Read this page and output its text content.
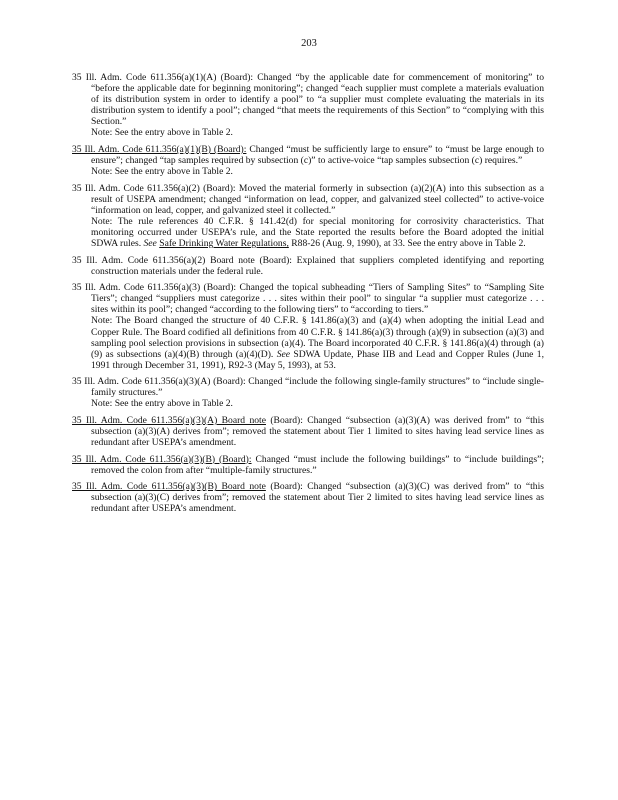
203
35 Ill. Adm. Code 611.356(a)(1)(A) (Board): Changed “by the applicable date for commencement of monitoring” to “before the applicable date for beginning monitoring”; changed “each supplier must complete a materials evaluation of its distribution system in order to identify a pool” to “a supplier must complete evaluating the materials in its distribution system to identify a pool”; changed “that meets the requirements of this Section” to “complying with this Section.”
Note: See the entry above in Table 2.
35 Ill. Adm. Code 611.356(a)(1)(B) (Board): Changed “must be sufficiently large to ensure” to “must be large enough to ensure”; changed “tap samples required by subsection (c)” to active-voice “tap samples subsection (c) requires.”
Note: See the entry above in Table 2.
35 Ill. Adm. Code 611.356(a)(2) (Board): Moved the material formerly in subsection (a)(2)(A) into this subsection as a result of USEPA amendment; changed “information on lead, copper, and galvanized steel collected” to active-voice “information on lead, copper, and galvanized steel it collected.”
Note: The rule references 40 C.F.R. § 141.42(d) for special monitoring for corrosivity characteristics. That monitoring occurred under USEPA’s rule, and the State reported the results before the Board adopted the initial SDWA rules. See Safe Drinking Water Regulations, R88-26 (Aug. 9, 1990), at 33. See the entry above in Table 2.
35 Ill. Adm. Code 611.356(a)(2) Board note (Board): Explained that suppliers completed identifying and reporting construction materials under the federal rule.
35 Ill. Adm. Code 611.356(a)(3) (Board): Changed the topical subheading “Tiers of Sampling Sites” to “Sampling Site Tiers”; changed “suppliers must categorize . . . sites within their pool” to singular “a supplier must categorize . . . sites within its pool”; changed “according to the following tiers” to “according to tiers.”
Note: The Board changed the structure of 40 C.F.R. § 141.86(a)(3) and (a)(4) when adopting the initial Lead and Copper Rule. The Board codified all definitions from 40 C.F.R. § 141.86(a)(3) through (a)(9) in subsection (a)(3) and sampling pool selection provisions in subsection (a)(4). The Board incorporated 40 C.F.R. § 141.86(a)(4) through (a)(9) as subsections (a)(4)(B) through (a)(4)(D). See SDWA Update, Phase IIB and Lead and Copper Rules (June 1, 1991 through December 31, 1991), R92-3 (May 5, 1993), at 53.
35 Ill. Adm. Code 611.356(a)(3)(A) (Board): Changed “include the following single-family structures” to “include single-family structures.”
Note: See the entry above in Table 2.
35 Ill. Adm. Code 611.356(a)(3)(A) Board note (Board): Changed “subsection (a)(3)(A) was derived from” to “this subsection (a)(3)(A) derives from”; removed the statement about Tier 1 limited to sites having lead service lines as redundant after USEPA’s amendment.
35 Ill. Adm. Code 611.356(a)(3)(B) (Board): Changed “must include the following buildings” to “include buildings”; removed the colon from after “multiple-family structures.”
35 Ill. Adm. Code 611.356(a)(3)(B) Board note (Board): Changed “subsection (a)(3)(C) was derived from” to “this subsection (a)(3)(C) derives from”; removed the statement about Tier 2 limited to sites having lead service lines as redundant after USEPA’s amendment.
